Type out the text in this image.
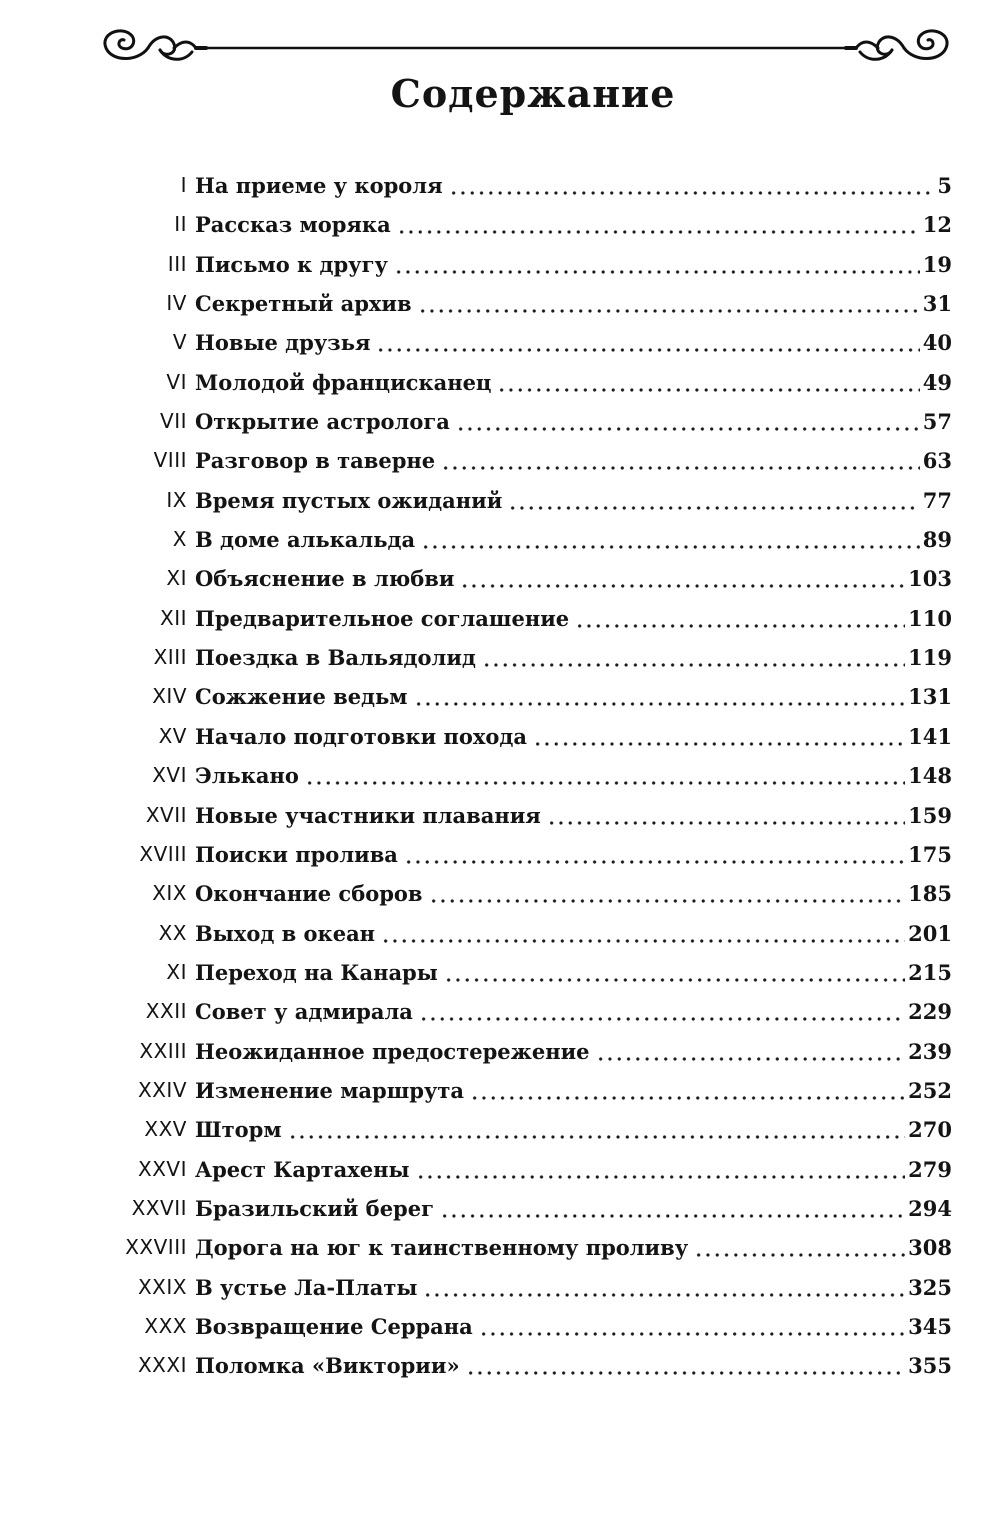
Содержание
I На приеме у короля	5
II Рассказ моряка	12
III Письмо к другу	19
IV Секретный архив	31
V Новые друзья	40
VI Молодой францисканец	49
VII Открытие астролога	57
VIII Разговор в таверне	63
IX Время пустых ожиданий	77
X В доме алькальда	89
XI Объяснение в любви	103
XII Предварительное соглашение	110
XIII Поездка в Вальядолид	119
XIV Сожжение ведьм	131
XV Начало подготовки похода	141
XVI Элькано	148
XVII Новые участники плавания	159
XVIII Поиски пролива	175
XIX Окончание сборов	185
XX Выход в океан	201
XI Переход на Канары	215
XXII Совет у адмирала	229
XXIII Неожиданное предостережение	239
XXIV Изменение маршрута	252
XXV Шторм	270
XXVI Арест Картахены	279
XXVII Бразильский берег	294
XXVIII Дорога на юг к таинственному проливу	308
XXIX В устье Ла-Платы	325
XXX Возвращение Серрана	345
XXXI Поломка «Виктории»	355
